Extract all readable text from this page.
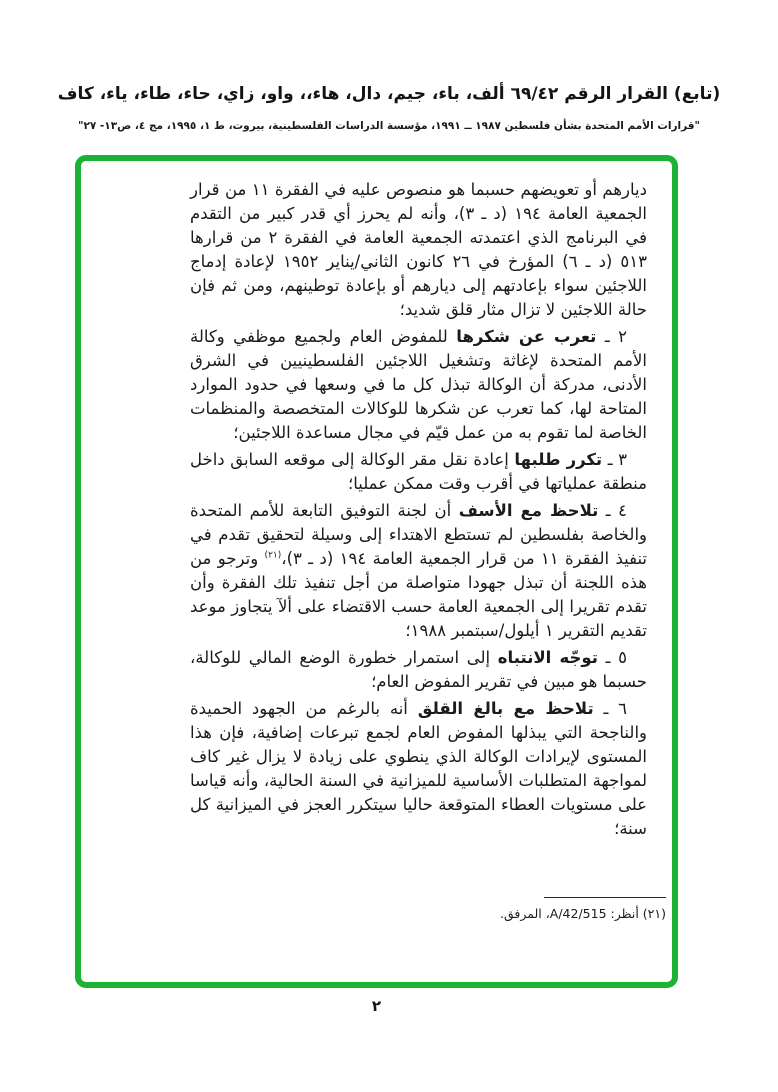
(تابع) القرار الرقم ٦٩/٤٢ ألف، باء، جيم، دال، هاء،، واو، زاي، حاء، طاء، ياء، كاف
"قرارات الأمم المتحدة بشأن فلسطين ١٩٨٧ ــ ١٩٩١، مؤسسة الدراسات الفلسطينية، بيروت، ط ١، ١٩٩٥، مج ٤، ص١٣- ٢٧"

ديارهم أو تعويضهم حسبما هو منصوص عليه في الفقرة ١١ من قرار الجمعية العامة ١٩٤ (د ـ ٣)، وأنه لم يحرز أي قدر كبير من التقدم في البرنامج الذي اعتمدته الجمعية العامة في الفقرة ٢ من قرارها ٥١٣ (د ـ ٦) المؤرخ في ٢٦ كانون الثاني/يناير ١٩٥٢ لإعادة إدماج اللاجئين سواء بإعادتهم إلى ديارهم أو بإعادة توطينهم، ومن ثم فإن حالة اللاجئين لا تزال مثار قلق شديد؛

٢ ـ تعرب عن شكرها للمفوض العام ولجميع موظفي وكالة الأمم المتحدة لإغاثة وتشغيل اللاجئين الفلسطينيين في الشرق الأدنى، مدركة أن الوكالة تبذل كل ما في وسعها في حدود الموارد المتاحة لها، كما تعرب عن شكرها للوكالات المتخصصة والمنظمات الخاصة لما تقوم به من عمل قيّم في مجال مساعدة اللاجئين؛

٣ ـ تكرر طلبها إعادة نقل مقر الوكالة إلى موقعه السابق داخل منطقة عملياتها في أقرب وقت ممكن عمليا؛

٤ ـ تلاحظ مع الأسف أن لجنة التوفيق التابعة للأمم المتحدة والخاصة بفلسطين لم تستطع الاهتداء إلى وسيلة لتحقيق تقدم في تنفيذ الفقرة ١١ من قرار الجمعية العامة ١٩٤ (د ـ ٣)،$^{(٢١)}$ وترجو من هذه اللجنة أن تبذل جهودا متواصلة من أجل تنفيذ تلك الفقرة وأن تقدم تقريرا إلى الجمعية العامة حسب الاقتضاء على ألآ يتجاوز موعد تقديم التقرير ١ أيلول/سبتمبر ١٩٨٨؛

٥ ـ توجّه الانتباه إلى استمرار خطورة الوضع المالي للوكالة، حسبما هو مبين في تقرير المفوض العام؛

٦ ـ تلاحظ مع بالغ القلق أنه بالرغم من الجهود الحميدة والناجحة التي يبذلها المفوض العام لجمع تبرعات إضافية، فإن هذا المستوى لإيرادات الوكالة الذي ينطوي على زيادة لا يزال غير كاف لمواجهة المتطلبات الأساسية للميزانية في السنة الحالية، وأنه قياسا على مستويات العطاء المتوقعة حاليا سيتكرر العجز في الميزانية كل سنة؛

(٢١) أنظر: A/42/515، المرفق.
٢
